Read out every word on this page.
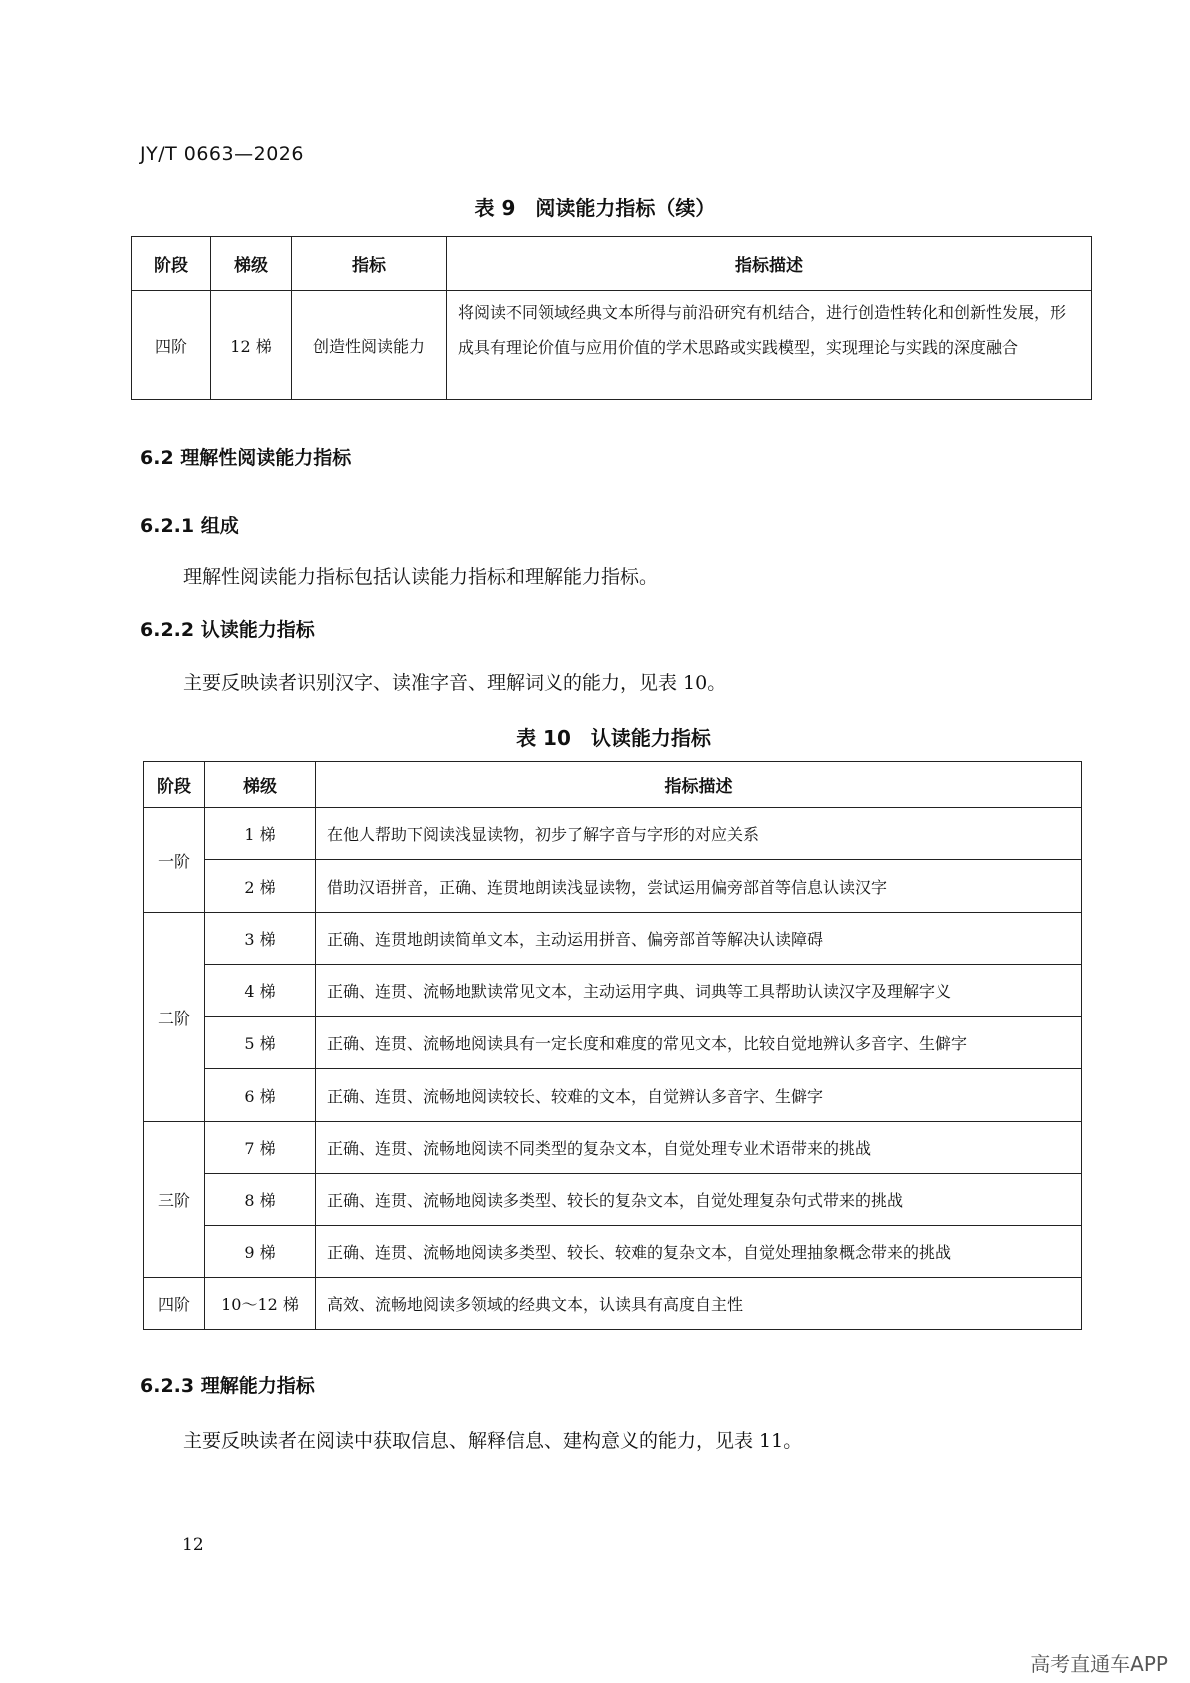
JY/T 0663—2026
表 9　阅读能力指标（续）
阶段	梯级	指标	指标描述
四阶	12 梯	创造性阅读能力	将阅读不同领域经典文本所得与前沿研究有机结合，进行创造性转化和创新性发展，形成具有理论价值与应用价值的学术思路或实践模型，实现理论与实践的深度融合
6.2 理解性阅读能力指标
6.2.1 组成
理解性阅读能力指标包括认读能力指标和理解能力指标。
6.2.2 认读能力指标
主要反映读者识别汉字、读准字音、理解词义的能力，见表 10。
表 10　认读能力指标
阶段	梯级	指标描述
一阶	1 梯	在他人帮助下阅读浅显读物，初步了解字音与字形的对应关系
	2 梯	借助汉语拼音，正确、连贯地朗读浅显读物，尝试运用偏旁部首等信息认读汉字
二阶	3 梯	正确、连贯地朗读简单文本，主动运用拼音、偏旁部首等解决认读障碍
	4 梯	正确、连贯、流畅地默读常见文本，主动运用字典、词典等工具帮助认读汉字及理解字义
	5 梯	正确、连贯、流畅地阅读具有一定长度和难度的常见文本，比较自觉地辨认多音字、生僻字
	6 梯	正确、连贯、流畅地阅读较长、较难的文本，自觉辨认多音字、生僻字
三阶	7 梯	正确、连贯、流畅地阅读不同类型的复杂文本，自觉处理专业术语带来的挑战
	8 梯	正确、连贯、流畅地阅读多类型、较长的复杂文本，自觉处理复杂句式带来的挑战
	9 梯	正确、连贯、流畅地阅读多类型、较长、较难的复杂文本，自觉处理抽象概念带来的挑战
四阶	10～12 梯	高效、流畅地阅读多领域的经典文本，认读具有高度自主性
6.2.3 理解能力指标
主要反映读者在阅读中获取信息、解释信息、建构意义的能力，见表 11。
12
高考直通车APP
